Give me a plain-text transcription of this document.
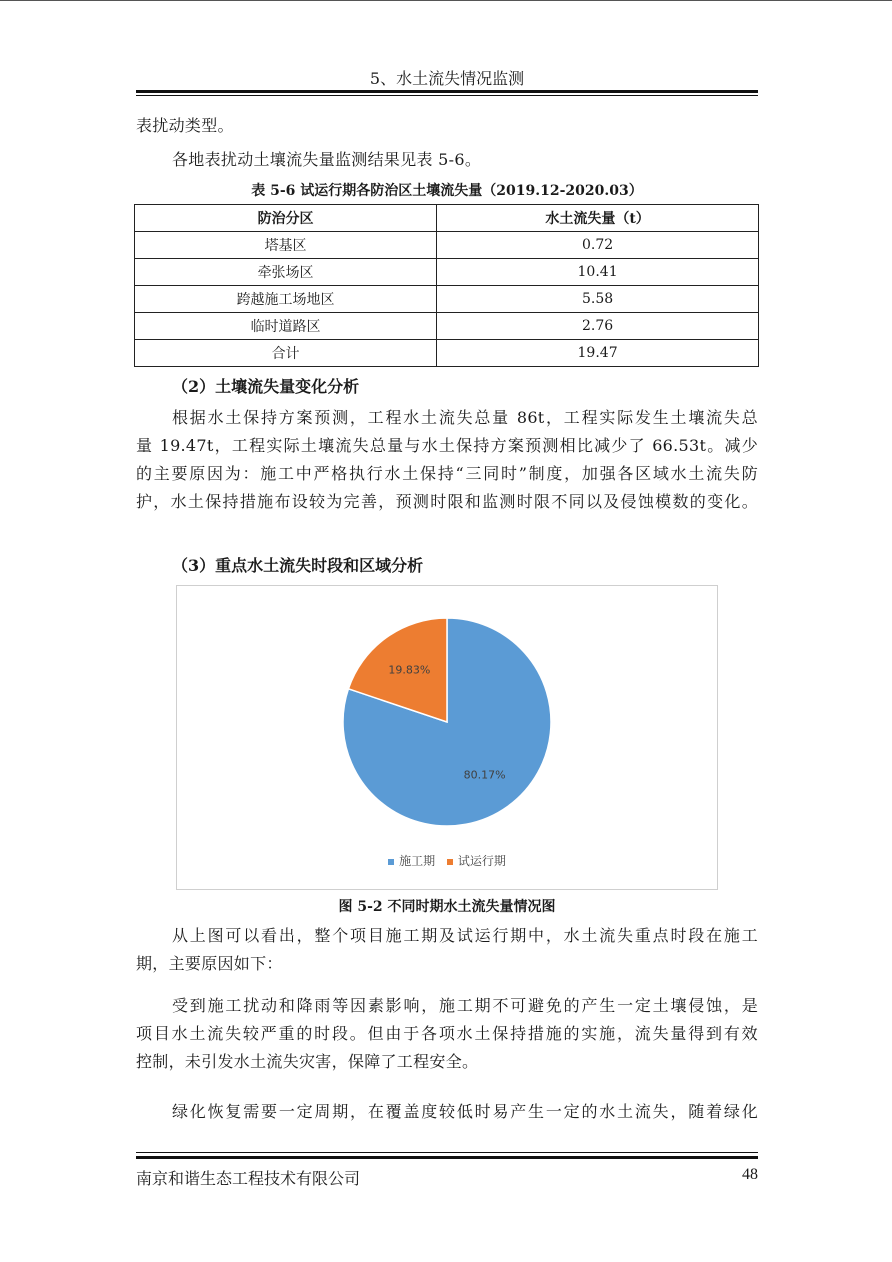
5、水土流失情况监测
表扰动类型。
各地表扰动土壤流失量监测结果见表 5-6。
表 5-6 试运行期各防治区土壤流失量（2019.12-2020.03）
防治分区	水土流失量（t）
塔基区	0.72
牵张场区	10.41
跨越施工场地区	5.58
临时道路区	2.76
合计	19.47
（2）土壤流失量变化分析
根据水土保持方案预测，工程水土流失总量 86t，工程实际发生土壤流失总
量 19.47t，工程实际土壤流失总量与水土保持方案预测相比减少了 66.53t。减少
的主要原因为：施工中严格执行水土保持“三同时”制度，加强各区域水土流失防
护，水土保持措施布设较为完善，预测时限和监测时限不同以及侵蚀模数的变化。
（3）重点水土流失时段和区域分析
80.17%
19.83%
施工期 试运行期
图 5-2 不同时期水土流失量情况图
从上图可以看出，整个项目施工期及试运行期中，水土流失重点时段在施工
期，主要原因如下：
受到施工扰动和降雨等因素影响，施工期不可避免的产生一定土壤侵蚀，是
项目水土流失较严重的时段。但由于各项水土保持措施的实施，流失量得到有效
控制，未引发水土流失灾害，保障了工程安全。
绿化恢复需要一定周期，在覆盖度较低时易产生一定的水土流失，随着绿化
南京和谐生态工程技术有限公司	48
